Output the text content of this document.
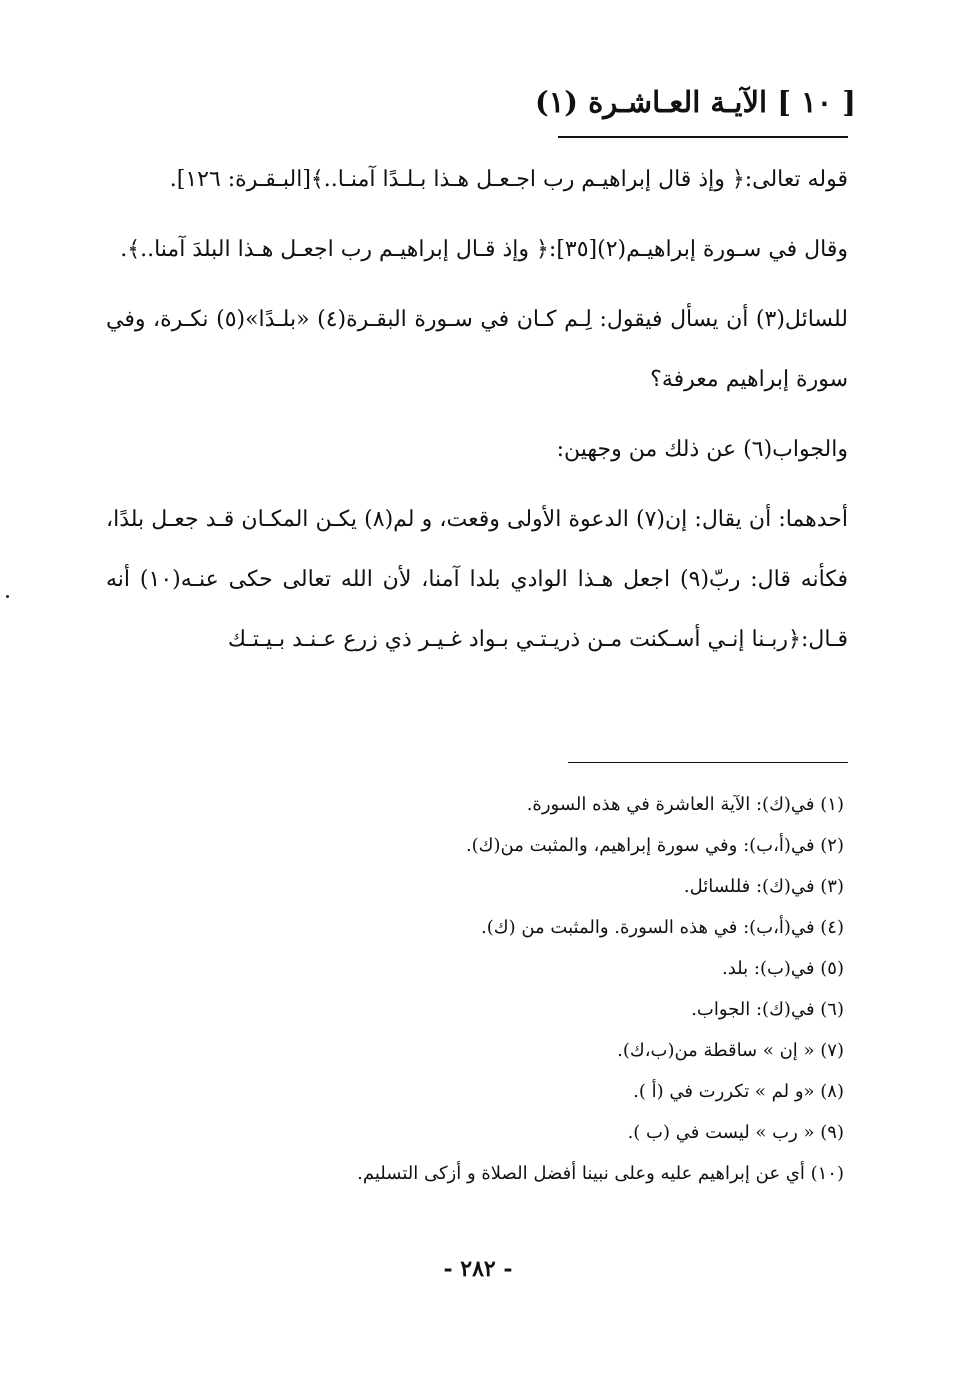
[ ١٠ ] الآيـة العـاشـرة (١)

قوله تعالى:﴿ وإذ قال إبراهيـم رب اجـعـل هـذا بـلـدًا آمنـا..﴾[البـقـرة: ١٢٦].

وقال في سـورة إبراهيـم(٢)[٣٥]:﴿ وإذ قـال إبراهيـم رب اجعـل هـذا البلدَ آمنا..﴾.

للسائل(٣) أن يسأل فيقول: لِـم كـان في سـورة البقـرة(٤) «بلـدًا»(٥) نكـرة، وفي سورة إبراهيم معرفة؟

والجواب(٦) عن ذلك من وجهين:

أحدهما: أن يقال: إن(٧) الدعوة الأولى وقعت، و لم(٨) يكـن المكـان قـد جعـل بلدًا، فكأنه قال: ربّ(٩) اجعل هـذا الوادي بلدا آمنا، لأن الله تعالى حكى عنـه(١٠) أنه قـال:﴿ربـنا إنـي أسـكنت مـن ذريـتـي بـواد غـيـر ذي زرع عـنـد بـيـتـك

(١) في(ك): الآية العاشرة في هذه السورة.
(٢) في(أ،ب): وفي سورة إبراهيم، والمثبت من(ك).
(٣) في(ك): فللسائل.
(٤) في(أ،ب): في هذه السورة. والمثبت من (ك).
(٥) في(ب): بلد.
(٦) في(ك): الجواب.
(٧) « إن » ساقطة من(ب،ك).
(٨) «و لم » تكررت في (أ ).
(٩) « رب » ليست في (ب ).
(١٠) أي عن إبراهيم عليه وعلى نبينا أفضل الصلاة و أزكى التسليم.
- ٢٨٢ -
